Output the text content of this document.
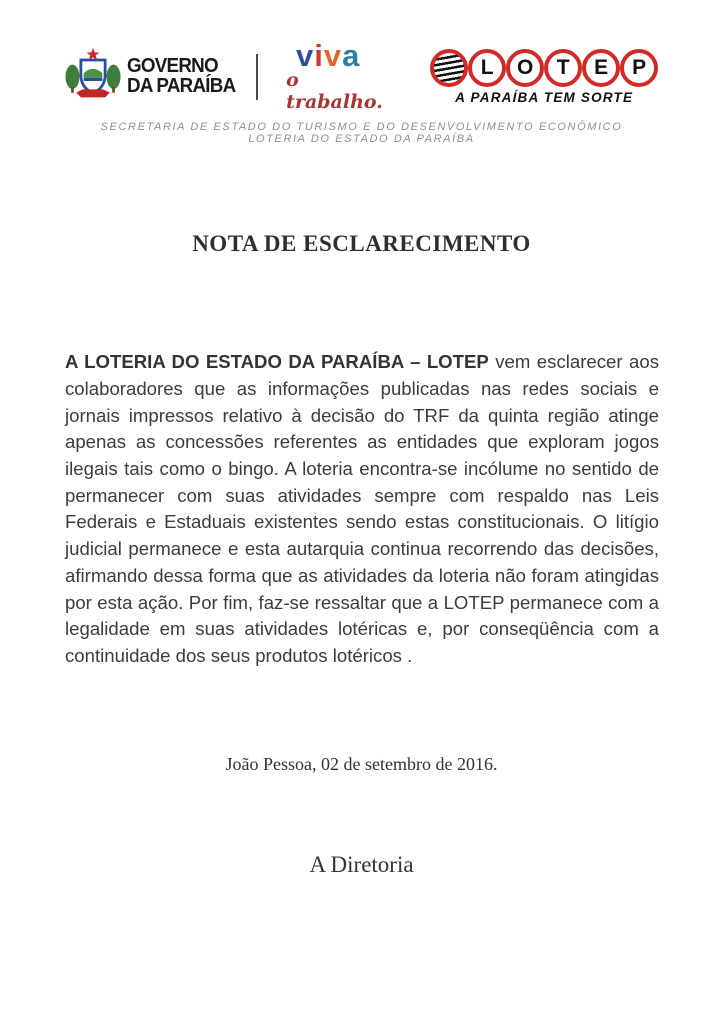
GOVERNO
DA PARAÍBA
viva
o trabalho.
L	O	T	E	P
A PARAÍBA TEM SORTE
SECRETARIA DE ESTADO DO TURISMO E DO DESENVOLVIMENTO ECONÔMICO
LOTERIA DO ESTADO DA PARAÍBA
NOTA DE ESCLARECIMENTO

A LOTERIA DO ESTADO DA PARAÍBA – LOTEP vem esclarecer aos colaboradores que as informações publicadas nas redes sociais e jornais impressos relativo à decisão do TRF da quinta região atinge apenas as concessões referentes as entidades que exploram jogos ilegais tais como o bingo. A loteria encontra-se incólume no sentido de permanecer com suas atividades sempre com respaldo nas Leis Federais e Estaduais existentes sendo estas constitucionais. O litígio judicial permanece e esta autarquia continua recorrendo das decisões, afirmando dessa forma que as atividades da loteria não foram atingidas por esta ação. Por fim, faz-se ressaltar que a LOTEP permanece com a legalidade em suas atividades lotéricas e, por conseqüência com a continuidade dos seus produtos lotéricos .

João Pessoa, 02 de setembro de 2016.
A Diretoria
